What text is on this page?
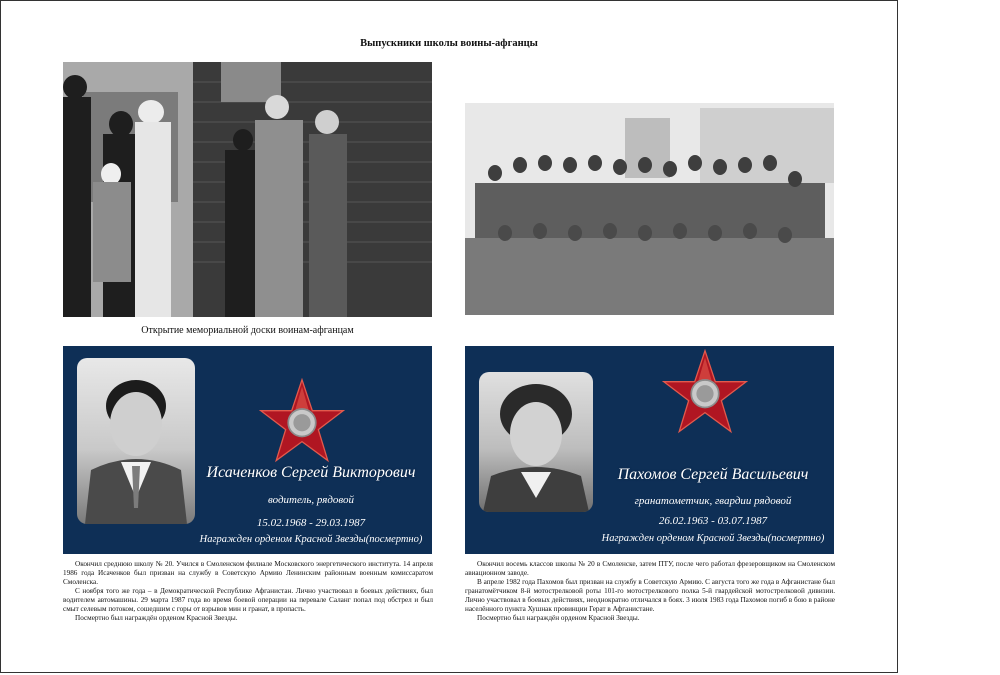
Выпускники школы воины-афганцы
Открытие мемориальной доски воинам-афганцам
Исаченков Сергей Викторович
водитель, рядовой
15.02.1968 - 29.03.1987
Награжден орденом Красной Звезды(посмертно)
Пахомов Сергей Васильевич
гранатометчик, гвардии рядовой
26.02.1963 - 03.07.1987
Награжден орденом Красной Звезды(посмертно)

Окончил среднюю школу № 20. Учился в Смоленском филиале Московского энергетического института. 14 апреля 1986 года Исаченков был призван на службу в Советскую Армию Ленинским районным военным комиссаратом Смоленска.

С ноября того же года – в Демократической Республике Афганистан. Лично участвовал в боевых действиях, был водителем автомашины. 29 марта 1987 года во время боевой операции на перевале Саланг попал под обстрел и был смыт селевым потоком, сошедшим с горы от взрывов мин и гранат, в пропасть.

Посмертно был награждён орденом Красной Звезды.

Окончил восемь классов школы № 20 в Смоленске, затем ПТУ, после чего работал фрезеровщиком на Смоленском авиационном заводе.

В апреле 1982 года Пахомов был призван на службу в Советскую Армию. С августа того же года в Афганистане был гранатомётчиком 8-й мотострелковой роты 101-го мотострелкового полка 5-й гвардейской мотострелковой дивизии. Лично участвовал в боевых действиях, неоднократно отличался в боях. 3 июля 1983 года Пахомов погиб в бою в районе населённого пункта Хушнак провинции Герат в Афганистане.

Посмертно был награждён орденом Красной Звезды.
